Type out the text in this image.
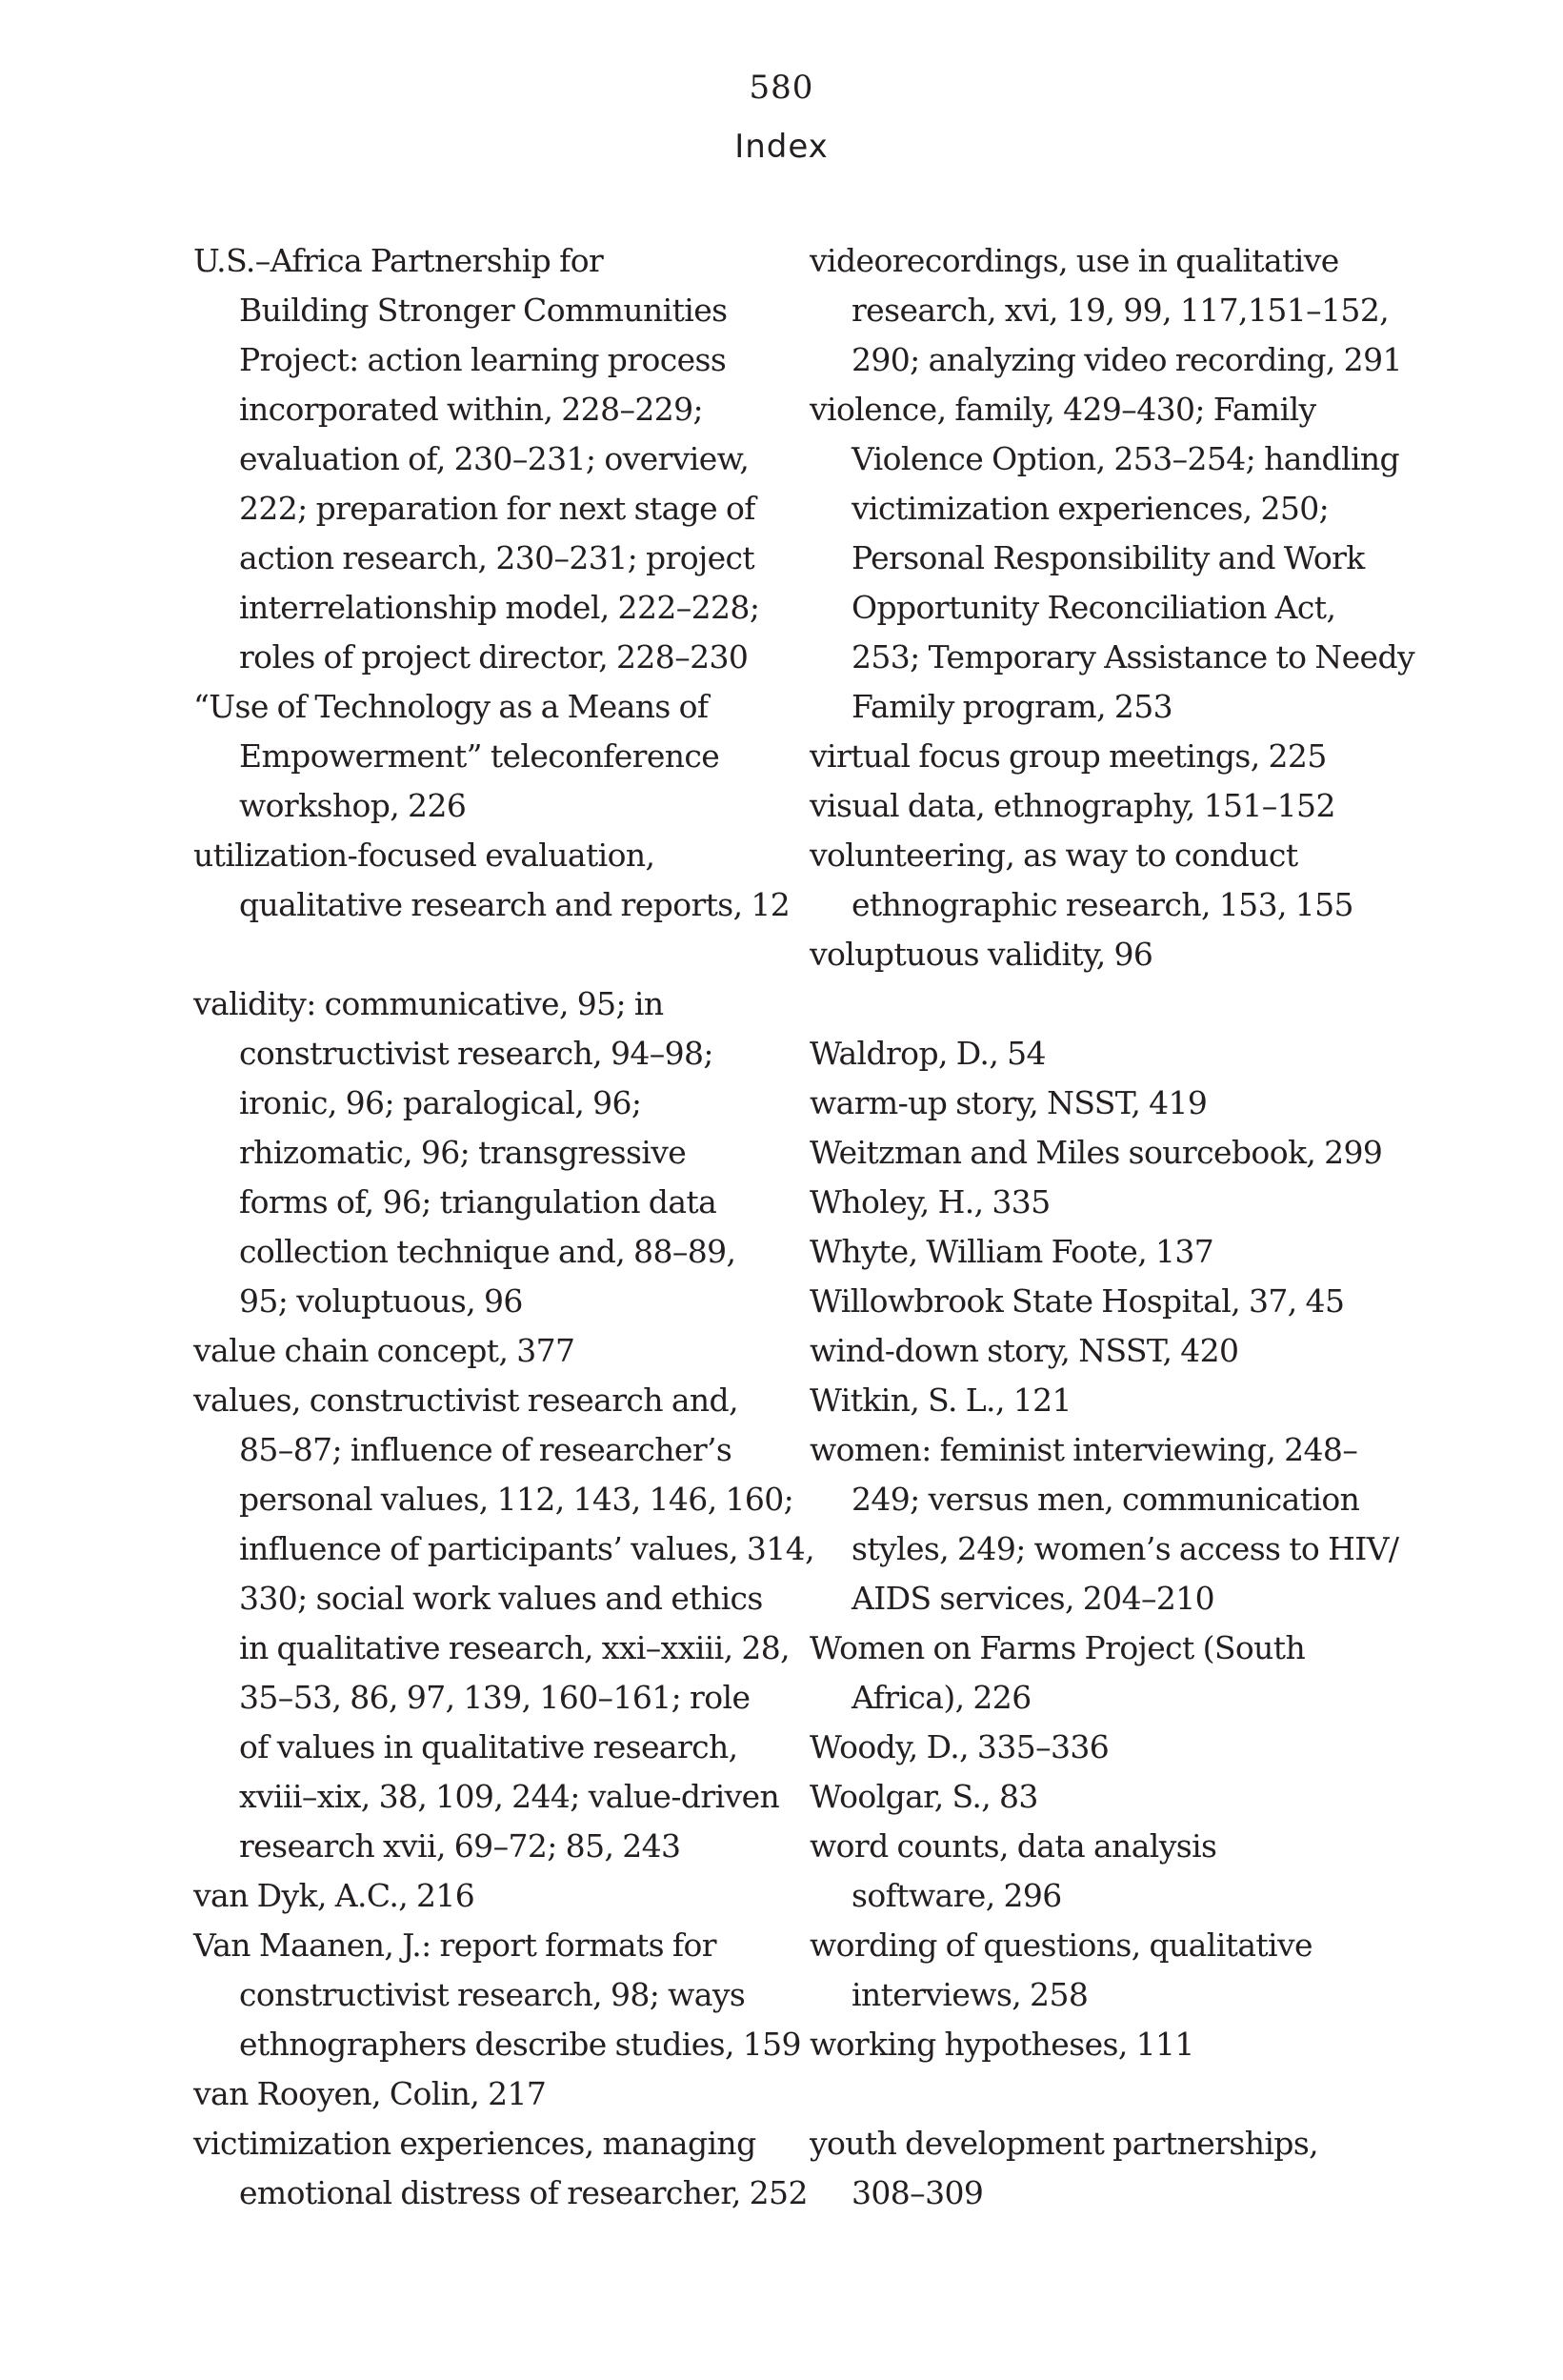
580
Index
U.S.–Africa Partnership for
Building Stronger Communities
Project: action learning process
incorporated within, 228–229;
evaluation of, 230–231; overview,
222; preparation for next stage of
action research, 230–231; project
interrelationship model, 222–228;
roles of project director, 228–230
“Use of Technology as a Means of
Empowerment” teleconference
workshop, 226
utilization-focused evaluation,
qualitative research and reports, 12
validity: communicative, 95; in
constructivist research, 94–98;
ironic, 96; paralogical, 96;
rhizomatic, 96; transgressive
forms of, 96; triangulation data
collection technique and, 88–89,
95; voluptuous, 96
value chain concept, 377
values, constructivist research and,
85–87; influence of researcher’s
personal values, 112, 143, 146, 160;
influence of participants’ values, 314,
330; social work values and ethics
in qualitative research, xxi–xxiii, 28,
35–53, 86, 97, 139, 160–161; role
of values in qualitative research,
xviii–xix, 38, 109, 244; value-driven
research xvii, 69–72; 85, 243
van Dyk, A.C., 216
Van Maanen, J.: report formats for
constructivist research, 98; ways
ethnographers describe studies, 159
van Rooyen, Colin, 217
victimization experiences, managing
emotional distress of researcher, 252
videorecordings, use in qualitative
research, xvi, 19, 99, 117,151–152,
290; analyzing video recording, 291
violence, family, 429–430; Family
Violence Option, 253–254; handling
victimization experiences, 250;
Personal Responsibility and Work
Opportunity Reconciliation Act,
253; Temporary Assistance to Needy
Family program, 253
virtual focus group meetings, 225
visual data, ethnography, 151–152
volunteering, as way to conduct
ethnographic research, 153, 155
voluptuous validity, 96
Waldrop, D., 54
warm-up story, NSST, 419
Weitzman and Miles sourcebook, 299
Wholey, H., 335
Whyte, William Foote, 137
Willowbrook State Hospital, 37, 45
wind-down story, NSST, 420
Witkin, S. L., 121
women: feminist interviewing, 248–
249; versus men, communication
styles, 249; women’s access to HIV/
AIDS services, 204–210
Women on Farms Project (South
Africa), 226
Woody, D., 335–336
Woolgar, S., 83
word counts, data analysis
software, 296
wording of questions, qualitative
interviews, 258
working hypotheses, 111
youth development partnerships,
308–309
